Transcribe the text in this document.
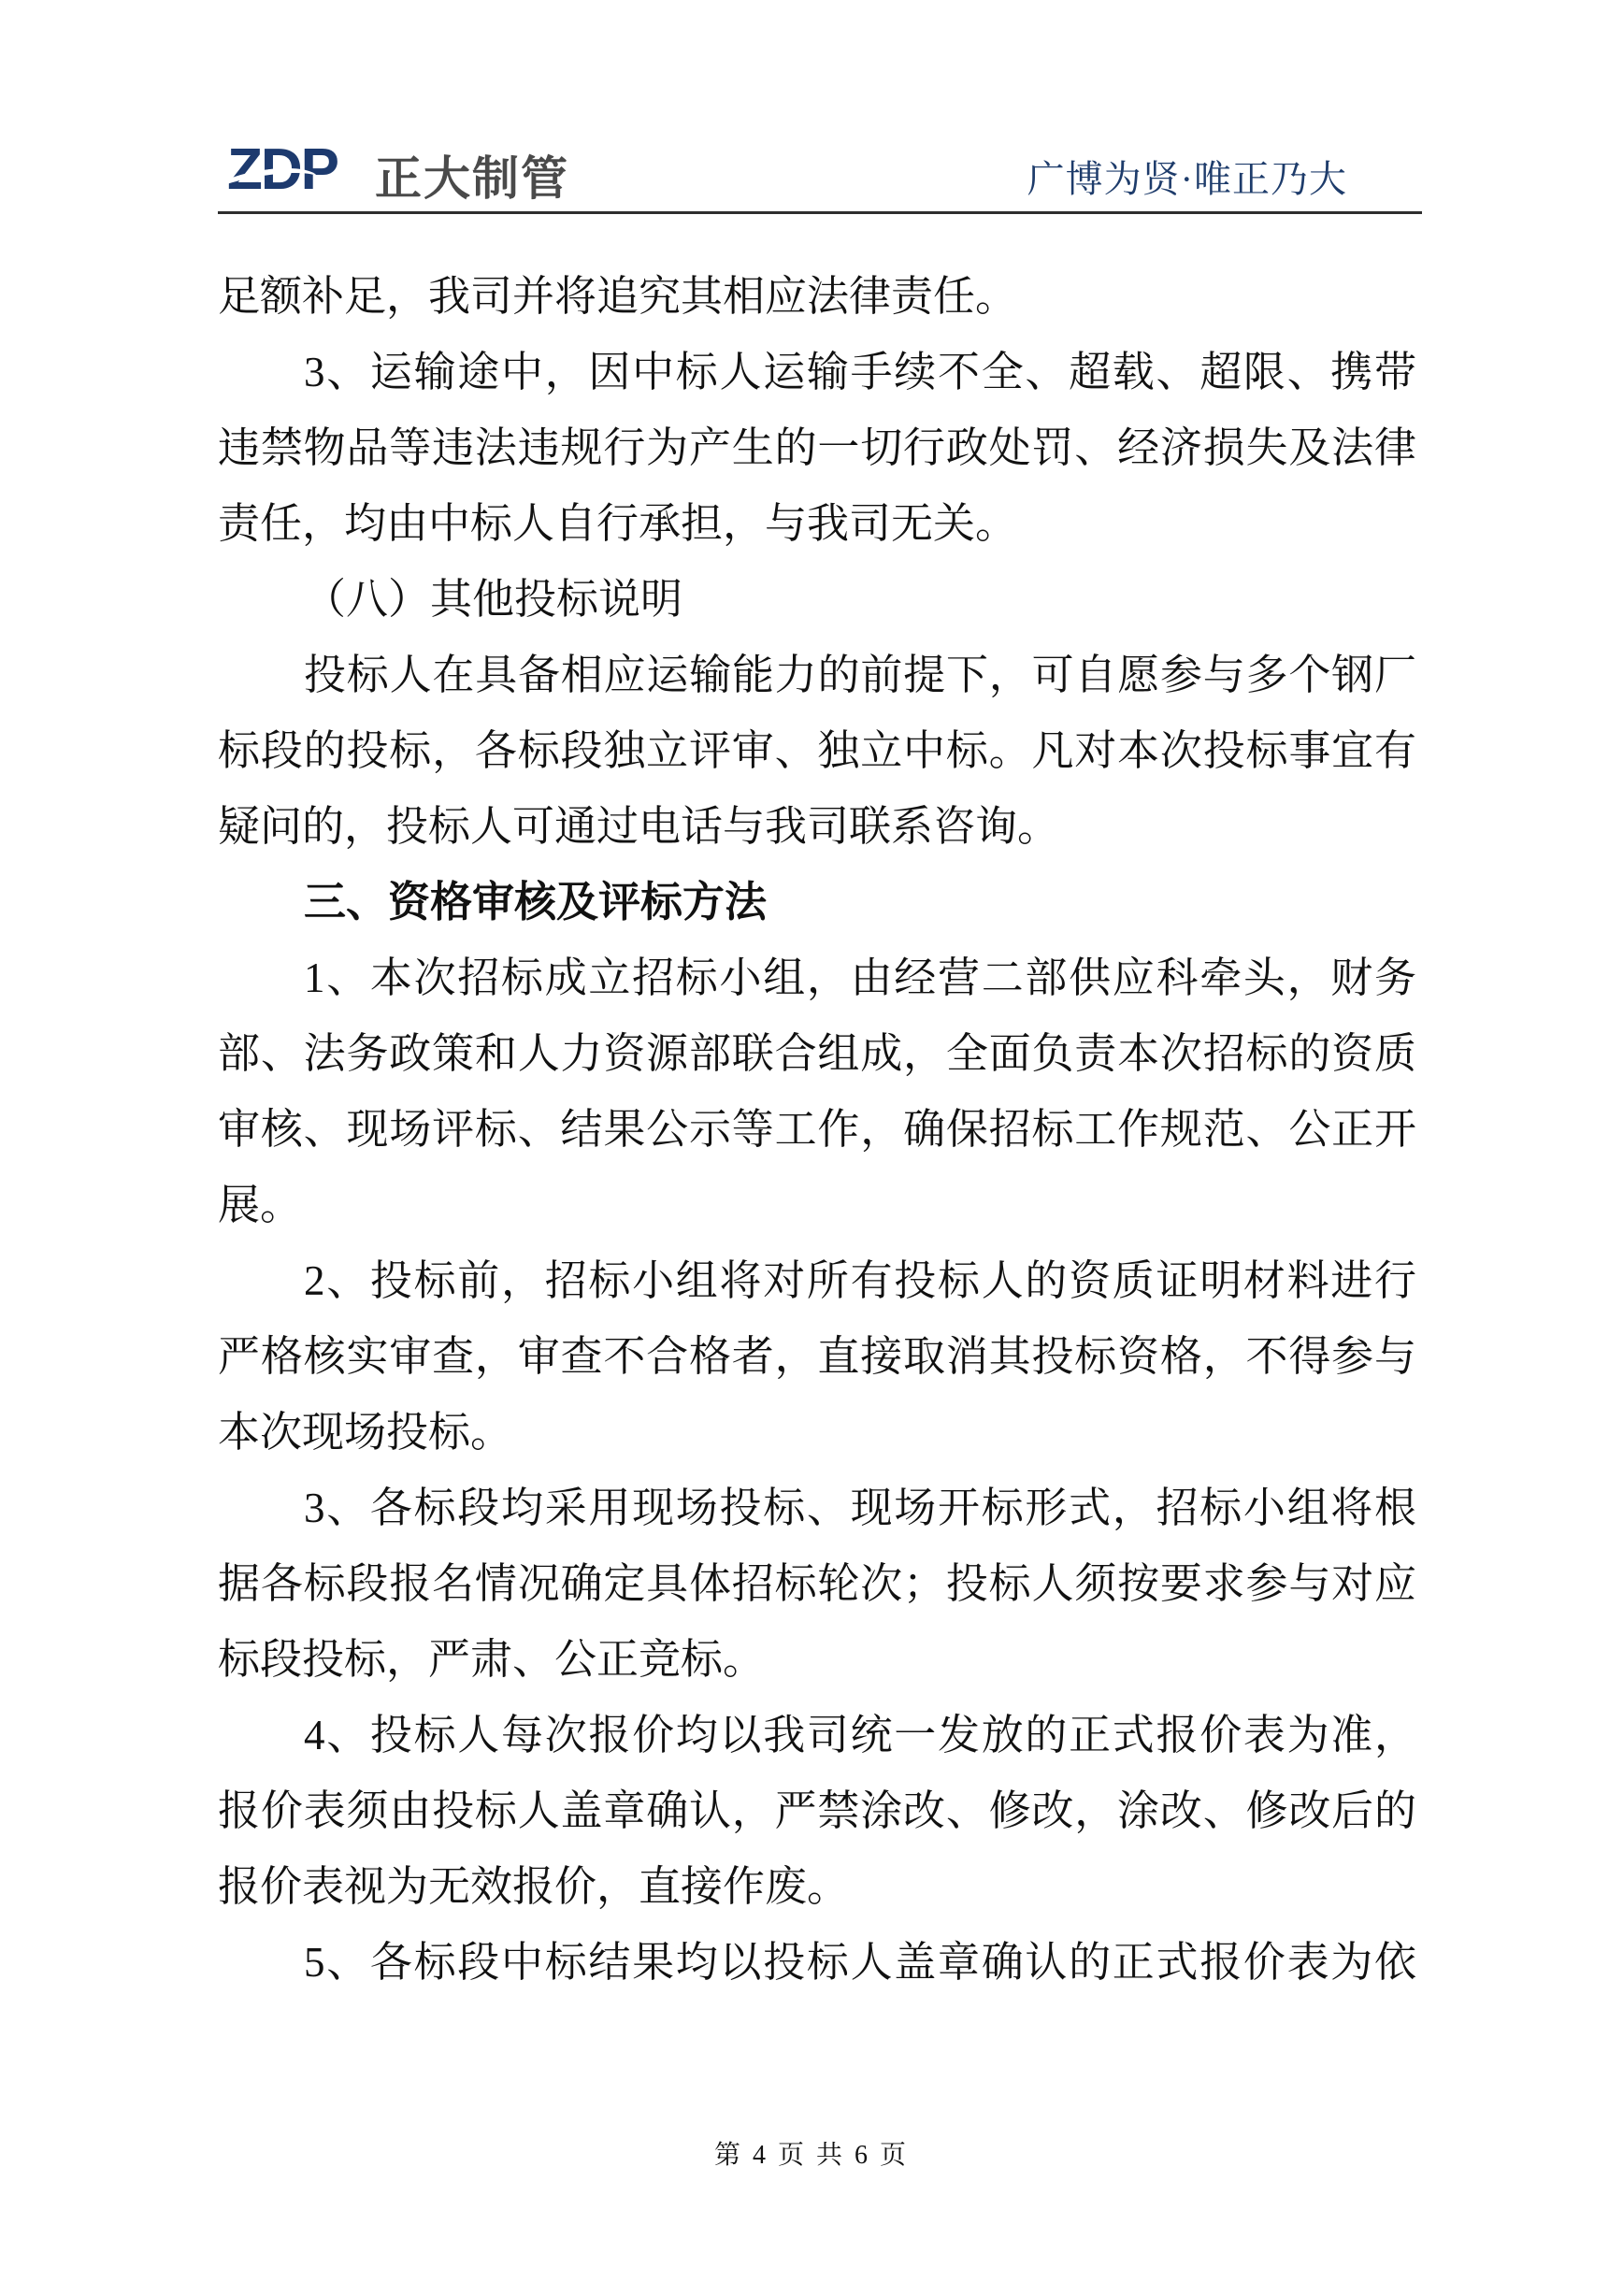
ZDP 正大制管	广博为贤·唯正乃大
足额补足，我司并将追究其相应法律责任。
3、运输途中，因中标人运输手续不全、超载、超限、携带
违禁物品等违法违规行为产生的一切行政处罚、经济损失及法律
责任，均由中标人自行承担，与我司无关。
（八）其他投标说明
投标人在具备相应运输能力的前提下，可自愿参与多个钢厂
标段的投标，各标段独立评审、独立中标。凡对本次投标事宜有
疑问的，投标人可通过电话与我司联系咨询。
三、资格审核及评标方法
1、本次招标成立招标小组，由经营二部供应科牵头，财务
部、法务政策和人力资源部联合组成，全面负责本次招标的资质
审核、现场评标、结果公示等工作，确保招标工作规范、公正开
展。
2、投标前，招标小组将对所有投标人的资质证明材料进行
严格核实审查，审查不合格者，直接取消其投标资格，不得参与
本次现场投标。
3、各标段均采用现场投标、现场开标形式，招标小组将根
据各标段报名情况确定具体招标轮次；投标人须按要求参与对应
标段投标，严肃、公正竞标。
4、投标人每次报价均以我司统一发放的正式报价表为准，
报价表须由投标人盖章确认，严禁涂改、修改，涂改、修改后的
报价表视为无效报价，直接作废。
5、各标段中标结果均以投标人盖章确认的正式报价表为依
第 4 页 共 6 页
